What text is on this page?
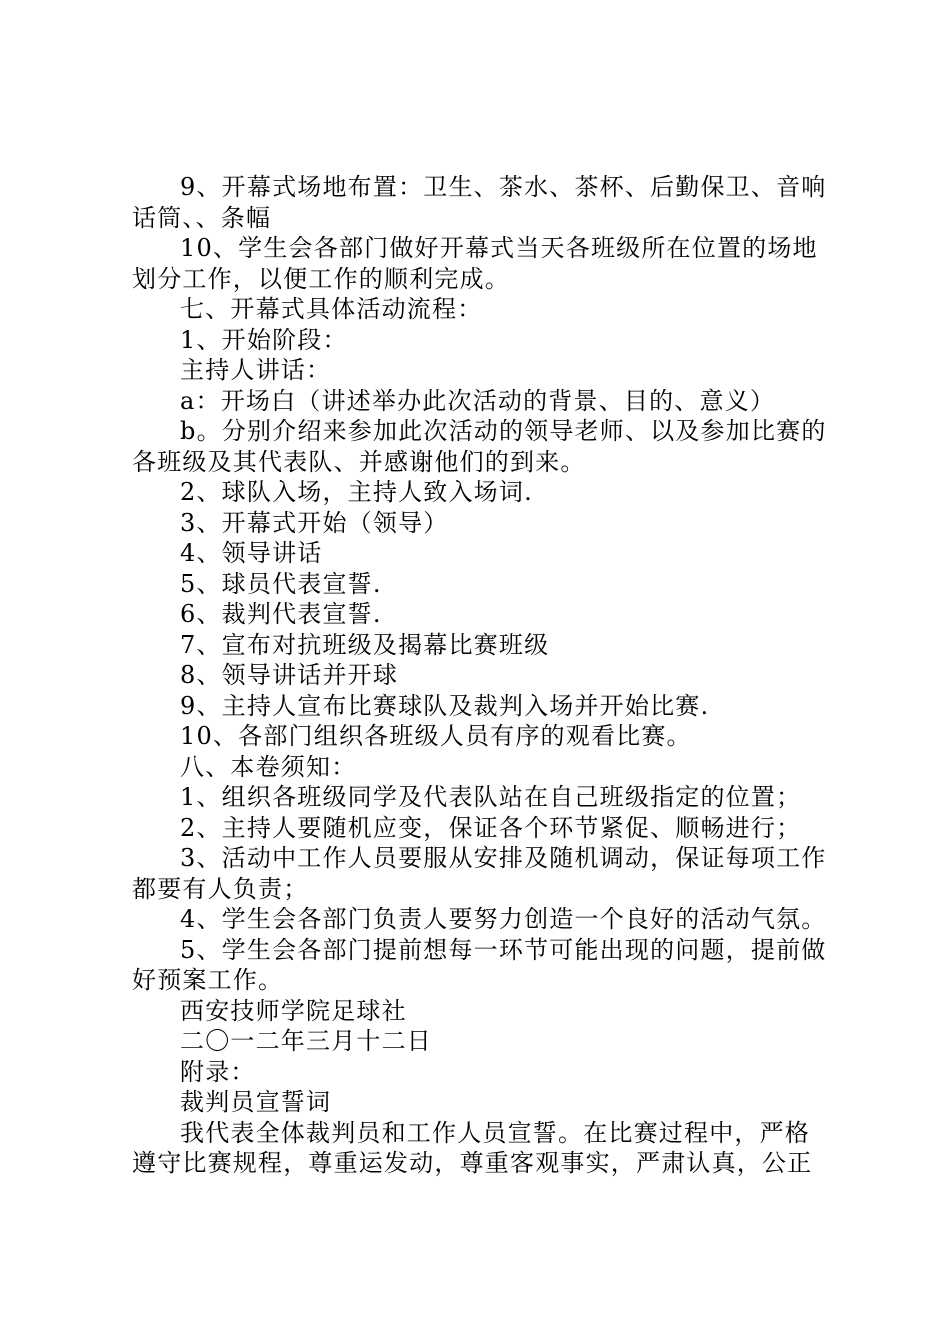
9、开幕式场地布置：卫生、茶水、茶杯、后勤保卫、音响话筒、、条幅

10、学生会各部门做好开幕式当天各班级所在位置的场地划分工作，以便工作的顺利完成。

七、开幕式具体活动流程：

1、开始阶段：

主持人讲话：

a：开场白（讲述举办此次活动的背景、目的、意义）

b。分别介绍来参加此次活动的领导老师、以及参加比赛的各班级及其代表队、并感谢他们的到来。

2、球队入场，主持人致入场词.

3、开幕式开始（领导）

4、领导讲话

5、球员代表宣誓.

6、裁判代表宣誓.

7、宣布对抗班级及揭幕比赛班级

8、领导讲话并开球

9、主持人宣布比赛球队及裁判入场并开始比赛.

10、各部门组织各班级人员有序的观看比赛。

八、本卷须知：

1、组织各班级同学及代表队站在自己班级指定的位置；

2、主持人要随机应变，保证各个环节紧促、顺畅进行；

3、活动中工作人员要服从安排及随机调动，保证每项工作都要有人负责；

4、学生会各部门负责人要努力创造一个良好的活动气氛。

5、学生会各部门提前想每一环节可能出现的问题，提前做好预案工作。

西安技师学院足球社

二〇一二年三月十二日

附录：

裁判员宣誓词

我代表全体裁判员和工作人员宣誓。在比赛过程中，严格遵守比赛规程，尊重运发动，尊重客观事实，严肃认真，公正
